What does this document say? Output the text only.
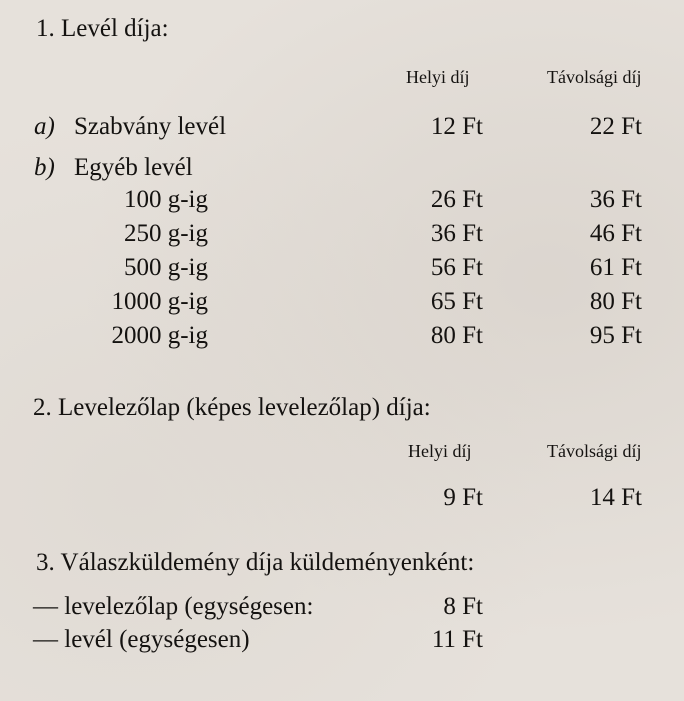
1. Levél díja:
Helyi díj	Távolsági díj
a) Szabvány levél	12 Ft	22 Ft
b) Egyéb levél
100 g-ig	26 Ft	36 Ft
250 g-ig	36 Ft	46 Ft
500 g-ig	56 Ft	61 Ft
1000 g-ig	65 Ft	80 Ft
2000 g-ig	80 Ft	95 Ft
2. Levelezőlap (képes levelezőlap) díja:
Helyi díj	Távolsági díj
9 Ft	14 Ft
3. Válaszküldemény díja küldeményenként:
— levelezőlap (egységesen:	8 Ft
— levél (egységesen)	11 Ft
